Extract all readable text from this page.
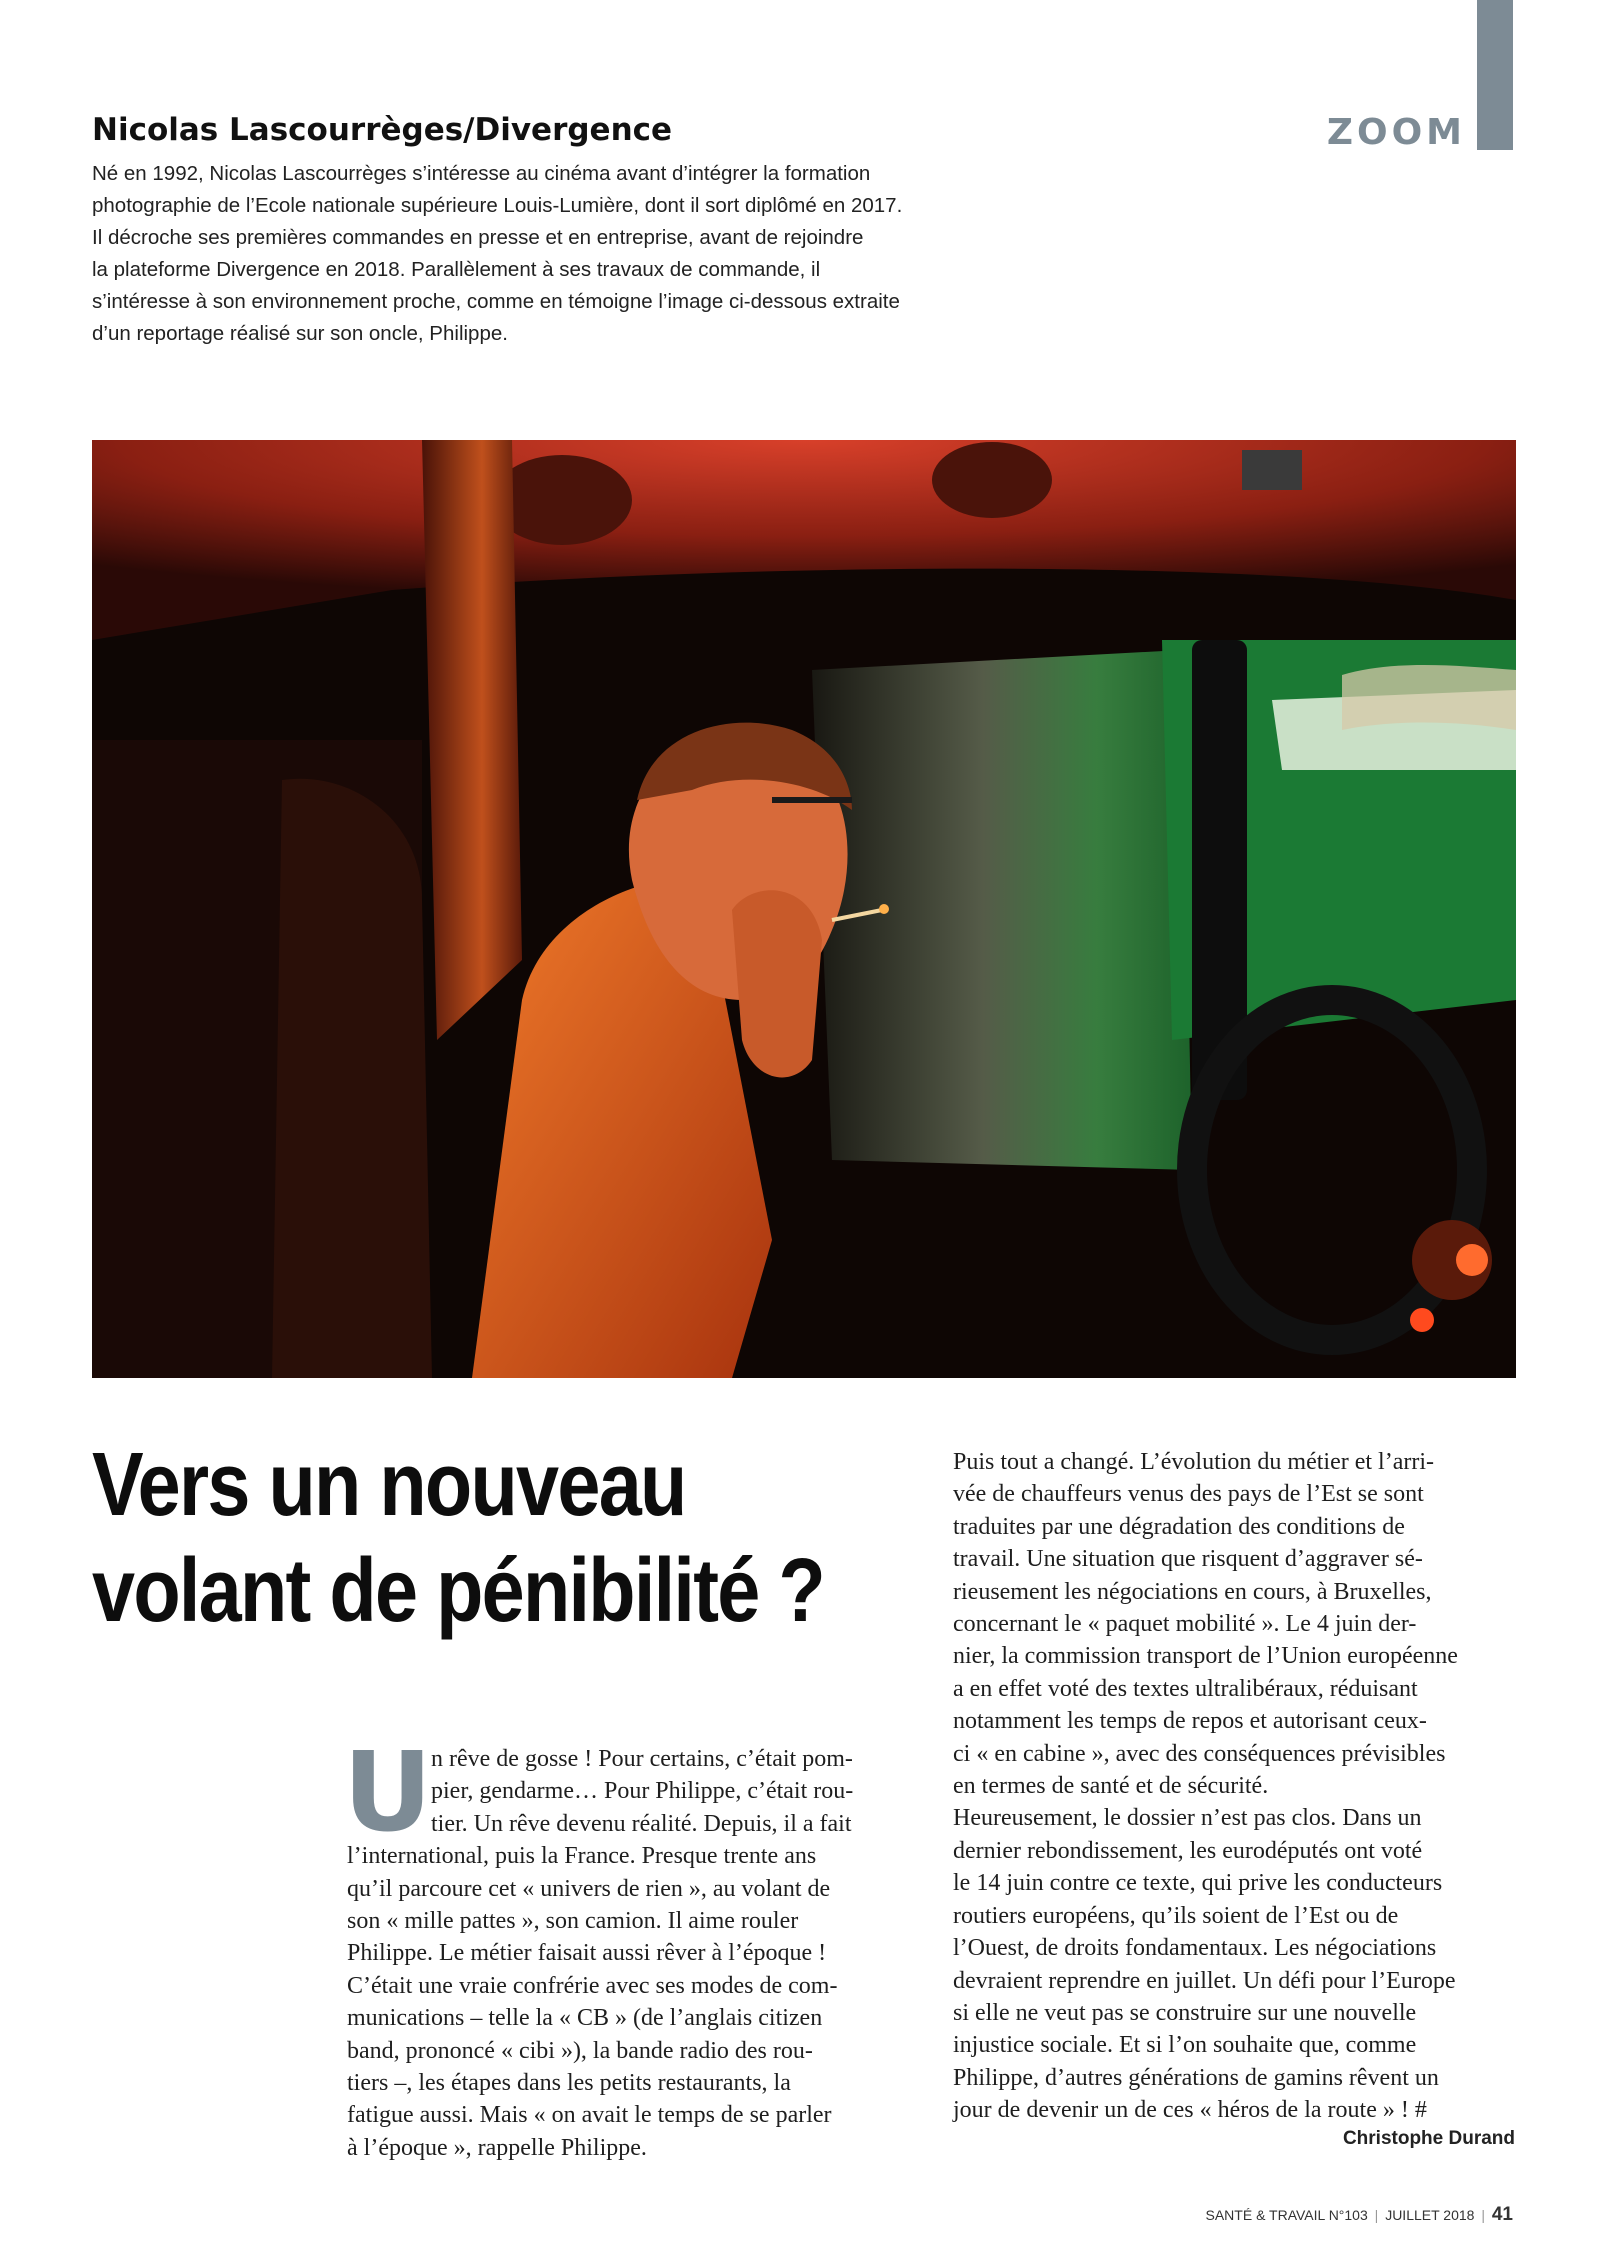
ZOOM
Nicolas Lascourrèges/Divergence
Né en 1992, Nicolas Lascourrèges s’intéresse au cinéma avant d’intégrer la formation
photographie de l’Ecole nationale supérieure Louis-Lumière, dont il sort diplômé en 2017.
Il décroche ses premières commandes en presse et en entreprise, avant de rejoindre
la plateforme Divergence en 2018. Parallèlement à ses travaux de commande, il
s’intéresse à son environnement proche, comme en témoigne l’image ci-dessous extraite
d’un reportage réalisé sur son oncle, Philippe.
Vers un nouveau
volant de pénibilité ?
U
n rêve de gosse ! Pour certains, c’était pom-
pier, gendarme… Pour Philippe, c’était rou-
tier. Un rêve devenu réalité. Depuis, il a fait
l’international, puis la France. Presque trente ans
qu’il parcoure cet « univers de rien », au volant de
son « mille pattes », son camion. Il aime rouler
Philippe. Le métier faisait aussi rêver à l’époque !
C’était une vraie confrérie avec ses modes de com-
munications – telle la « CB » (de l’anglais citizen
band, prononcé « cibi »), la bande radio des rou-
tiers –, les étapes dans les petits restaurants, la
fatigue aussi. Mais « on avait le temps de se parler
à l’époque », rappelle Philippe.
Puis tout a changé. L’évolution du métier et l’arri-
vée de chauffeurs venus des pays de l’Est se sont
traduites par une dégradation des conditions de
travail. Une situation que risquent d’aggraver sé-
rieusement les négociations en cours, à Bruxelles,
concernant le « paquet mobilité ». Le 4 juin der-
nier, la commission transport de l’Union européenne
a en effet voté des textes ultralibéraux, réduisant
notamment les temps de repos et autorisant ceux-
ci « en cabine », avec des conséquences prévisibles
en termes de santé et de sécurité.
Heureusement, le dossier n’est pas clos. Dans un
dernier rebondissement, les eurodéputés ont voté
le 14 juin contre ce texte, qui prive les conducteurs
routiers européens, qu’ils soient de l’Est ou de
l’Ouest, de droits fondamentaux. Les négociations
devraient reprendre en juillet. Un défi pour l’Europe
si elle ne veut pas se construire sur une nouvelle
injustice sociale. Et si l’on souhaite que, comme
Philippe, d’autres générations de gamins rêvent un
jour de devenir un de ces « héros de la route » ! #
Christophe Durand
SANTÉ & TRAVAIL N°103 | JUILLET 2018 | 41
